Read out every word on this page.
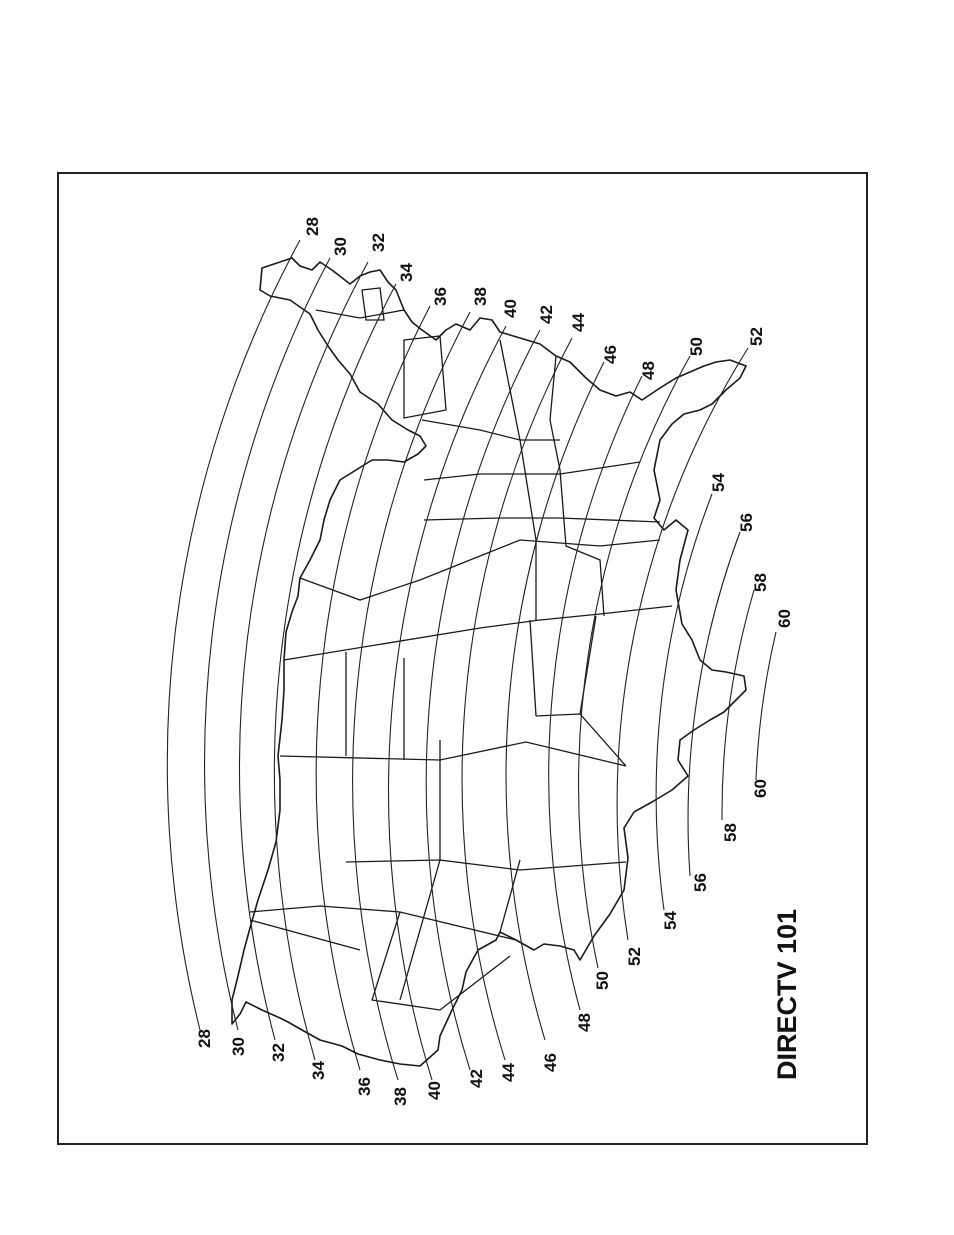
28
30 32
34
36 38
40 42 44
46
48
50
52
54
56
58
60
28 30 32
34
36
38 40
42 44
46
48
50
52
54
56
58
60
DIRECTV 101
